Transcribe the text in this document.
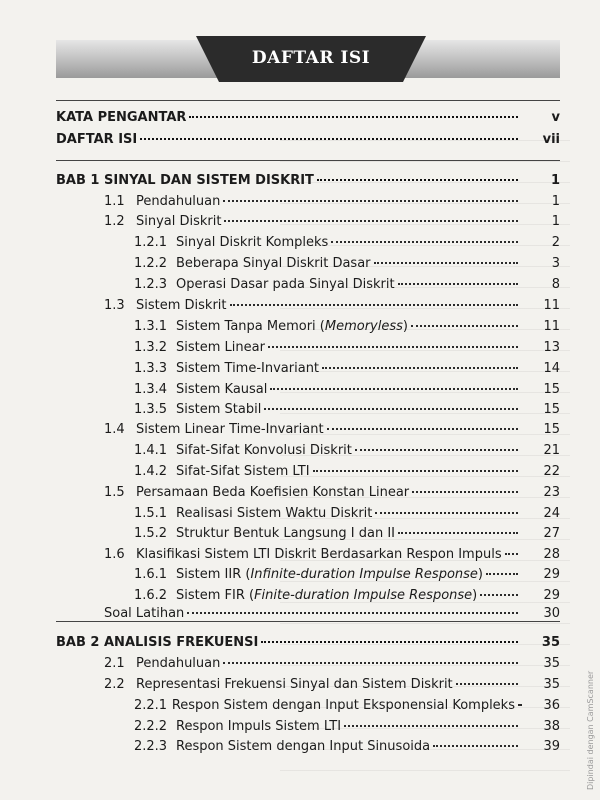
DAFTAR ISI
KATA PENGANTAR	v
DAFTAR ISI	vii
BAB 1 SINYAL DAN SISTEM DISKRIT	1
1.1 Pendahuluan	1
1.2 Sinyal Diskrit	1
1.2.1 Sinyal Diskrit Kompleks	2
1.2.2 Beberapa Sinyal Diskrit Dasar	3
1.2.3 Operasi Dasar pada Sinyal Diskrit	8
1.3 Sistem Diskrit	11
1.3.1 Sistem Tanpa Memori (Memoryless)	11
1.3.2 Sistem Linear	13
1.3.3 Sistem Time-Invariant	14
1.3.4 Sistem Kausal	15
1.3.5 Sistem Stabil	15
1.4 Sistem Linear Time-Invariant	15
1.4.1 Sifat-Sifat Konvolusi Diskrit	21
1.4.2 Sifat-Sifat Sistem LTI	22
1.5 Persamaan Beda Koefisien Konstan Linear	23
1.5.1 Realisasi Sistem Waktu Diskrit	24
1.5.2 Struktur Bentuk Langsung I dan II	27
1.6 Klasifikasi Sistem LTI Diskrit Berdasarkan Respon Impuls	28
1.6.1 Sistem IIR (Infinite-duration Impulse Response)	29
1.6.2 Sistem FIR (Finite-duration Impulse Response)	29
Soal Latihan	30
BAB 2 ANALISIS FREKUENSI	35
2.1 Pendahuluan	35
2.2 Representasi Frekuensi Sinyal dan Sistem Diskrit	35
2.2.1 Respon Sistem dengan Input Eksponensial Kompleks	36
2.2.2 Respon Impuls Sistem LTI	38
2.2.3 Respon Sistem dengan Input Sinusoida	39	Dipindai dengan CamScanner
